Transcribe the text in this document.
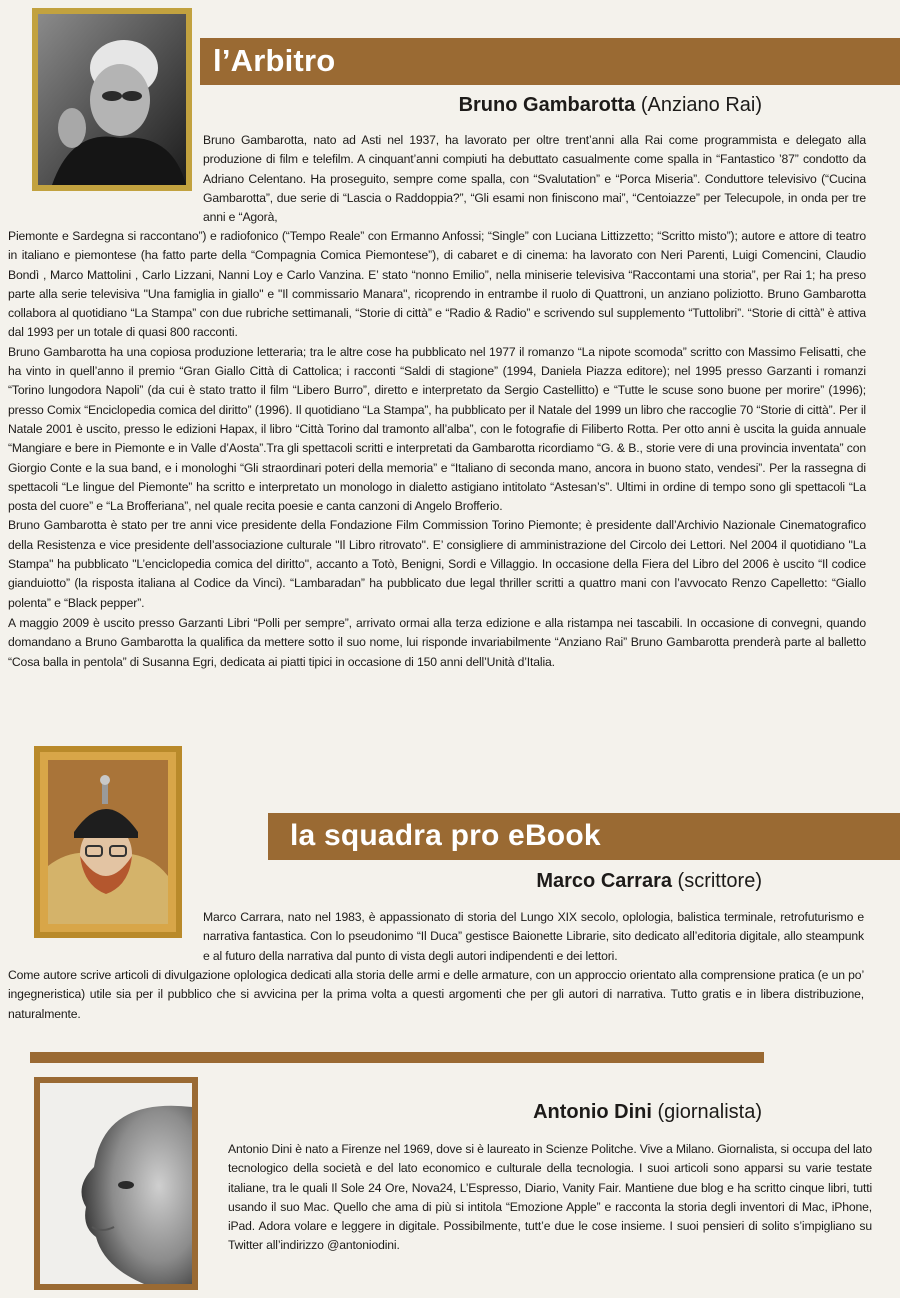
l’Arbitro
Bruno Gambarotta (Anziano Rai)

Bruno Gambarotta, nato ad Asti nel 1937, ha lavorato per oltre trent’anni alla Rai come programmista e delegato alla produzione di film e telefilm. A cinquant’anni compiuti ha debuttato casualmente come spalla in “Fantastico ’87” condotto da Adriano Celentano. Ha proseguito, sempre come spalla, con “Svalutation” e “Porca Miseria”. Conduttore televisivo (“Cucina Gambarotta”, due serie di “Lascia o Raddoppia?”, “Gli esami non finiscono mai”, “Centoiazze” per Telecupole, in onda per tre anni e “Agorà,

Piemonte e Sardegna si raccontano”) e radiofonico (“Tempo Reale” con Ermanno Anfossi; “Single” con Luciana Littizzetto; “Scritto misto”); autore e attore di teatro in italiano e piemontese (ha fatto parte della “Compagnia Comica Piemontese”), di cabaret e di cinema: ha lavorato con Neri Parenti, Luigi Comencini, Claudio Bondì , Marco Mattolini , Carlo Lizzani, Nanni Loy e Carlo Vanzina. E’ stato “nonno Emilio”, nella miniserie televisiva “Raccontami una storia”, per Rai 1; ha preso parte alla serie televisiva "Una famiglia in giallo" e "Il commissario Manara", ricoprendo in entrambe il ruolo di Quattroni, un anziano poliziotto. Bruno Gambarotta collabora al quotidiano “La Stampa” con due rubriche settimanali, “Storie di città” e “Radio & Radio” e scrivendo sul supplemento “Tuttolibri”. “Storie di città” è attiva dal 1993 per un totale di quasi 800 racconti.

Bruno Gambarotta ha una copiosa produzione letteraria; tra le altre cose ha pubblicato nel 1977 il romanzo “La nipote scomoda” scritto con Massimo Felisatti, che ha vinto in quell’anno il premio “Gran Giallo Città di Cattolica; i racconti “Saldi di stagione” (1994, Daniela Piazza editore); nel 1995 presso Garzanti i romanzi “Torino lungodora Napoli” (da cui è stato tratto il film “Libero Burro”, diretto e interpretato da Sergio Castellitto) e “Tutte le scuse sono buone per morire” (1996); presso Comix “Enciclopedia comica del diritto” (1996). Il quotidiano “La Stampa”, ha pubblicato per il Natale del 1999 un libro che raccoglie 70 “Storie di città”. Per il Natale 2001 è uscito, presso le edizioni Hapax, il libro “Città Torino dal tramonto all’alba”, con le fotografie di Filiberto Rotta. Per otto anni è uscita la guida annuale “Mangiare e bere in Piemonte e in Valle d’Aosta”.Tra gli spettacoli scritti e interpretati da Gambarotta ricordiamo “G. & B., storie vere di una provincia inventata” con Giorgio Conte e la sua band, e i monologhi “Gli straordinari poteri della memoria” e “Italiano di seconda mano, ancora in buono stato, vendesi”. Per la rassegna di spettacoli “Le lingue del Piemonte” ha scritto e interpretato un monologo in dialetto astigiano intitolato “Astesan’s”. Ultimi in ordine di tempo sono gli spettacoli “La posta del cuore” e “La Brofferiana”, nel quale recita poesie e canta canzoni di Angelo Brofferio.

Bruno Gambarotta è stato per tre anni vice presidente della Fondazione Film Commission Torino Piemonte; è presidente dall’Archivio Nazionale Cinematografico della Resistenza e vice presidente dell’associazione culturale "Il Libro ritrovato". E’ consigliere di amministrazione del Circolo dei Lettori. Nel 2004 il quotidiano "La Stampa" ha pubblicato "L’enciclopedia comica del diritto", accanto a Totò, Benigni, Sordi e Villaggio. In occasione della Fiera del Libro del 2006 è uscito “Il codice gianduiotto” (la risposta italiana al Codice da Vinci). “Lambaradan” ha pubblicato due legal thriller scritti a quattro mani con l’avvocato Renzo Capelletto: “Giallo polenta” e “Black pepper”.

A maggio 2009 è uscito presso Garzanti Libri “Polli per sempre”, arrivato ormai alla terza edizione e alla ristampa nei tascabili. In occasione di convegni, quando domandano a Bruno Gambarotta la qualifica da mettere sotto il suo nome, lui risponde invariabilmente “Anziano Rai” Bruno Gambarotta prenderà parte al balletto “Cosa balla in pentola” di Susanna Egri, dedicata ai piatti tipici in occasione di 150 anni dell’Unità d’Italia.

la squadra pro eBook
Marco Carrara (scrittore)

Marco Carrara, nato nel 1983, è appassionato di storia del Lungo XIX secolo, oplologia, balistica terminale, retrofuturismo e narrativa fantastica. Con lo pseudonimo “Il Duca” gestisce Baionette Librarie, sito dedicato all’editoria digitale, allo steampunk e al futuro della narrativa dal punto di vista degli autori indipendenti e dei lettori.

Come autore scrive articoli di divulgazione oplologica dedicati alla storia delle armi e delle armature, con un approccio orientato alla comprensione pratica (e un po’ ingegneristica) utile sia per il pubblico che si avvicina per la prima volta a questi argomenti che per gli autori di narrativa. Tutto gratis e in libera distribuzione, naturalmente.

Antonio Dini (giornalista)

Antonio Dini è nato a Firenze nel 1969, dove si è laureato in Scienze Politche. Vive a Milano. Giornalista, si occupa del lato tecnologico della società e del lato economico e culturale della tecnologia. I suoi articoli sono apparsi su varie testate italiane, tra le quali Il Sole 24 Ore, Nova24, L’Espresso, Diario, Vanity Fair. Mantiene due blog e ha scritto cinque libri, tutti usando il suo Mac. Quello che ama di più si intitola “Emozione Apple” e racconta la storia degli inventori di Mac, iPhone, iPad. Adora volare e leggere in digitale. Possibilmente, tutt’e due le cose insieme. I suoi pensieri di solito s’impigliano su Twitter all’indirizzo @antoniodini.
